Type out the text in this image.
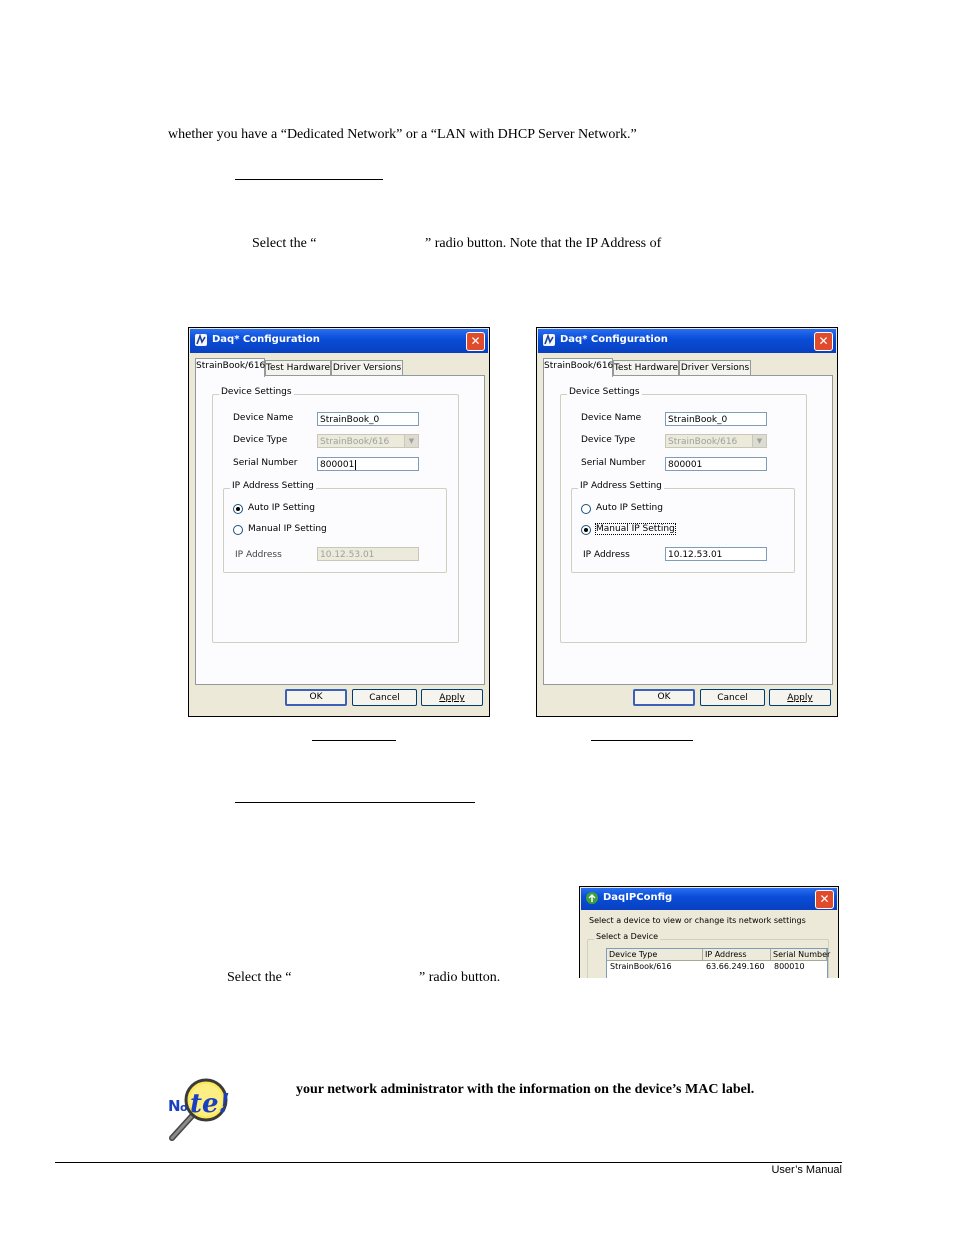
whether you have a “Dedicated Network” or a “LAN with DHCP Server Network.”
Select the “	” radio button. Note that the IP Address of
Daq* Configuration	✕
StrainBook/616 Test Hardware Driver Versions
Device Settings
Device Name	StrainBook_0
Device Type	StrainBook/616	▼
Serial Number	800001
IP Address Setting
Auto IP Setting
Manual IP Setting
IP Address	10.12.53.01
OK	Cancel	Apply
Daq* Configuration	✕
StrainBook/616 Test Hardware Driver Versions
Device Settings
Device Name	StrainBook_0
Device Type	StrainBook/616	▼
Serial Number	800001
IP Address Setting
Auto IP Setting
Manual IP Setting
IP Address	10.12.53.01
OK	Cancel	Apply
DaqIPConfig	✕
Select a device to view or change its network settings
Select a Device
Device Type	IP Address	Serial Number
StrainBook/616	63.66.249.160 800010
Select the “	” radio button.
N o te!	your network administrator with the information on the device’s MAC label.
User’s Manual
